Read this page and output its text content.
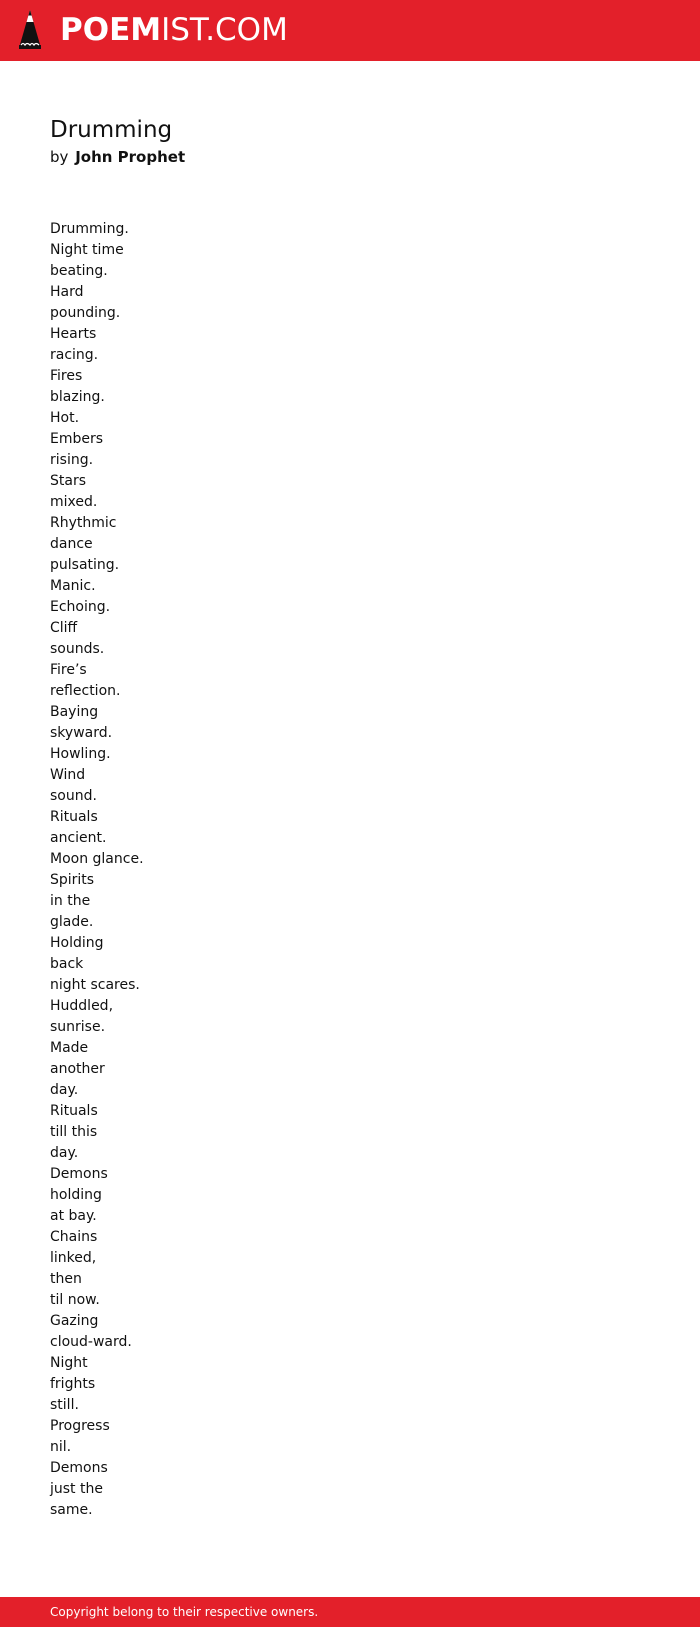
POEMIST.COM
Drumming
by John Prophet
Drumming.
Night time
beating.
Hard
pounding.
Hearts
racing.
Fires
blazing.
Hot.
Embers
rising.
Stars
mixed.
Rhythmic
dance
pulsating.
Manic.
Echoing.
Cliff
sounds.
Fire’s
reflection.
Baying
skyward.
Howling.
Wind
sound.
Rituals
ancient.
Moon glance.
Spirits
in the
glade.
Holding
back
night scares.
Huddled,
sunrise.
Made
another
day.
Rituals
till this
day.
Demons
holding
at bay.
Chains
linked,
then
til now.
Gazing
cloud-ward.
Night
frights
still.
Progress
nil.
Demons
just the
same.
Copyright belong to their respective owners.
